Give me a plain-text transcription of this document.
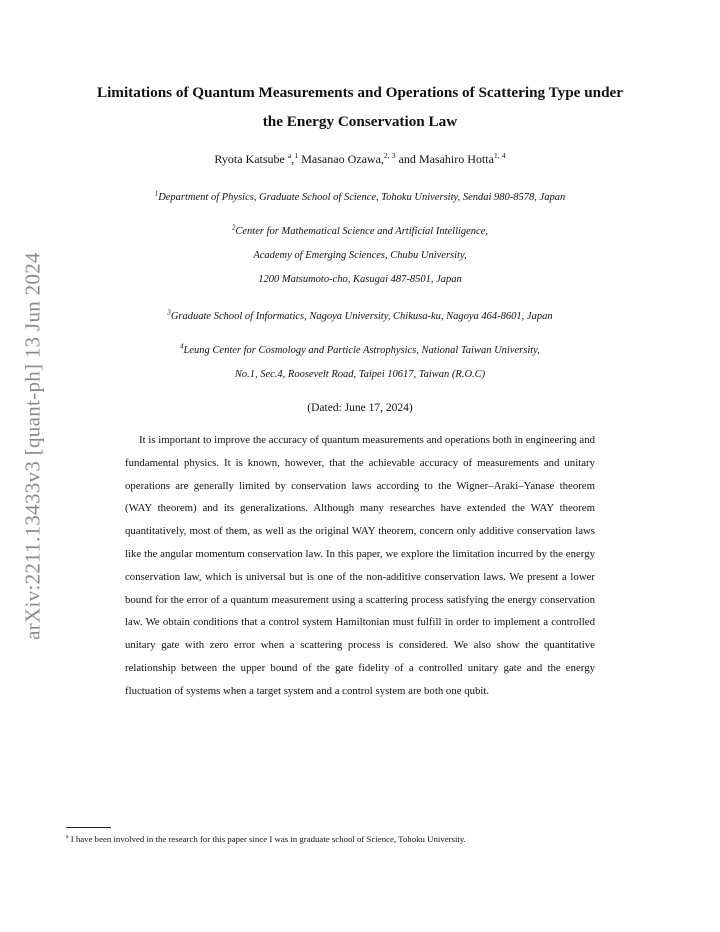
arXiv:2211.13433v3 [quant-ph] 13 Jun 2024
Limitations of Quantum Measurements and Operations of Scattering Type under
the Energy Conservation Law
Ryota Katsube $^a$,$^1$ Masanao Ozawa,$^{2, 3}$ and Masahiro Hotta$^{1, 4}$
$^1$Department of Physics, Graduate School of Science, Tohoku University, Sendai 980-8578, Japan
$^2$Center for Mathematical Science and Artificial Intelligence,
Academy of Emerging Sciences, Chubu University,
1200 Matsumoto-cho, Kasugai 487-8501, Japan
$^3$Graduate School of Informatics, Nagoya University, Chikusa-ku, Nagoya 464-8601, Japan
$^4$Leung Center for Cosmology and Particle Astrophysics, National Taiwan University,
No.1, Sec.4, Roosevelt Road, Taipei 10617, Taiwan (R.O.C)
(Dated: June 17, 2024)

It is important to improve the accuracy of quantum measurements and operations both in engineering and fundamental physics. It is known, however, that the achievable accuracy of measurements and unitary operations are generally limited by conservation laws according to the Wigner–Araki–Yanase theorem (WAY theorem) and its generalizations. Although many researches have extended the WAY theorem quantitatively, most of them, as well as the original WAY theorem, concern only additive conservation laws like the angular momentum conservation law. In this paper, we explore the limitation incurred by the energy conservation law, which is universal but is one of the non-additive conservation laws. We present a lower bound for the error of a quantum measurement using a scattering process satisfying the energy conservation law. We obtain conditions that a control system Hamiltonian must fulfill in order to implement a controlled unitary gate with zero error when a scattering process is considered. We also show the quantitative relationship between the upper bound of the gate fidelity of a controlled unitary gate and the energy fluctuation of systems when a target system and a control system are both one qubit.

$^a$ I have been involved in the research for this paper since I was in graduate school of Science, Tohoku University.
